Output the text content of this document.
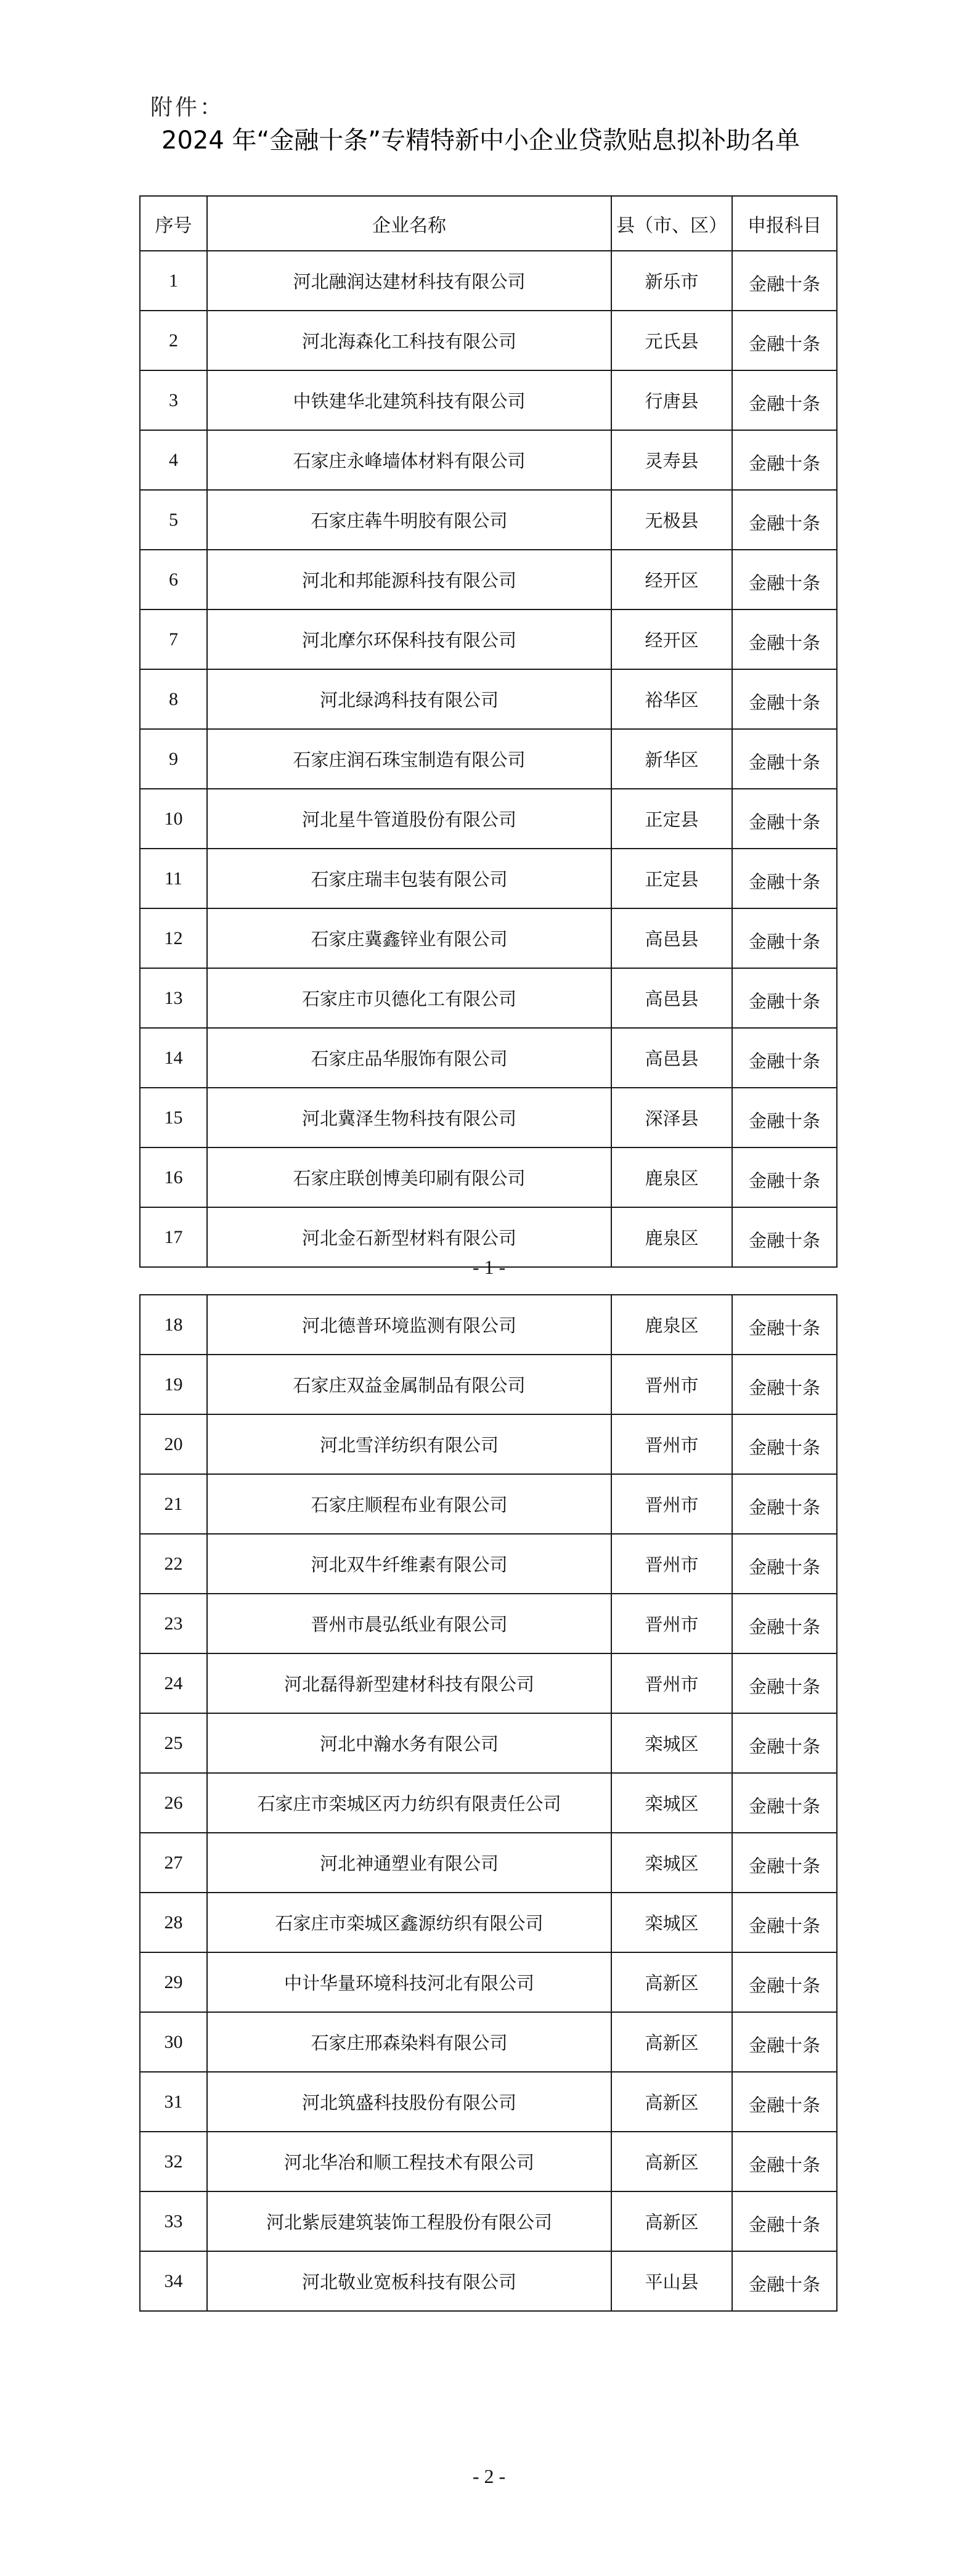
附件：
2024 年“金融十条”专精特新中小企业贷款贴息拟补助名单
序号	企业名称	县（市、区）	申报科目
1	河北融润达建材科技有限公司	新乐市	金融十条
2	河北海森化工科技有限公司	元氏县	金融十条
3	中铁建华北建筑科技有限公司	行唐县	金融十条
4	石家庄永峰墙体材料有限公司	灵寿县	金融十条
5	石家庄犇牛明胶有限公司	无极县	金融十条
6	河北和邦能源科技有限公司	经开区	金融十条
7	河北摩尔环保科技有限公司	经开区	金融十条
8	河北绿鸿科技有限公司	裕华区	金融十条
9	石家庄润石珠宝制造有限公司	新华区	金融十条
10	河北星牛管道股份有限公司	正定县	金融十条
11	石家庄瑞丰包装有限公司	正定县	金融十条
12	石家庄冀鑫锌业有限公司	高邑县	金融十条
13	石家庄市贝德化工有限公司	高邑县	金融十条
14	石家庄品华服饰有限公司	高邑县	金融十条
15	河北冀泽生物科技有限公司	深泽县	金融十条
16	石家庄联创博美印刷有限公司	鹿泉区	金融十条
17	河北金石新型材料有限公司	鹿泉区	金融十条
- 1 -
18	河北德普环境监测有限公司	鹿泉区	金融十条
19	石家庄双益金属制品有限公司	晋州市	金融十条
20	河北雪洋纺织有限公司	晋州市	金融十条
21	石家庄顺程布业有限公司	晋州市	金融十条
22	河北双牛纤维素有限公司	晋州市	金融十条
23	晋州市晨弘纸业有限公司	晋州市	金融十条
24	河北磊得新型建材科技有限公司	晋州市	金融十条
25	河北中瀚水务有限公司	栾城区	金融十条
26	石家庄市栾城区丙力纺织有限责任公司	栾城区	金融十条
27	河北神通塑业有限公司	栾城区	金融十条
28	石家庄市栾城区鑫源纺织有限公司	栾城区	金融十条
29	中计华量环境科技河北有限公司	高新区	金融十条
30	石家庄邢森染料有限公司	高新区	金融十条
31	河北筑盛科技股份有限公司	高新区	金融十条
32	河北华冶和顺工程技术有限公司	高新区	金融十条
33	河北紫辰建筑装饰工程股份有限公司	高新区	金融十条
34	河北敬业宽板科技有限公司	平山县	金融十条
- 2 -
